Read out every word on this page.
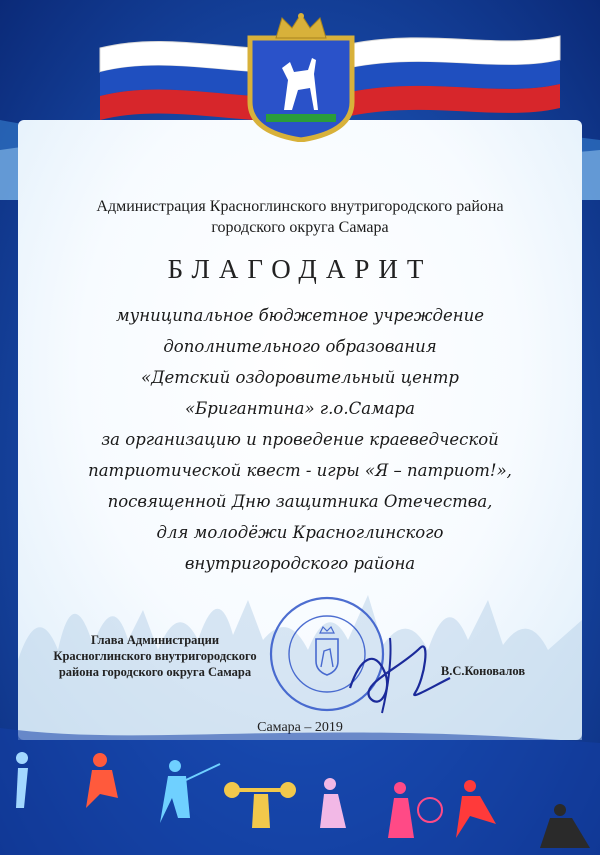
Администрация Красноглинского внутригородского района
городского округа Самара
БЛАГОДАРИТ
муниципальное бюджетное учреждение
дополнительного образования
«Детский оздоровительный центр
«Бригантина» г.о.Самара
за организацию и проведение краеведческой
патриотической квест - игры «Я – патриот!»,
посвященной Дню защитника Отечества,
для молодёжи Красноглинского
внутригородского района
Глава Администрации
Красноглинского внутригородского
района городского округа Самара	В.С.Коновалов
Самара – 2019
